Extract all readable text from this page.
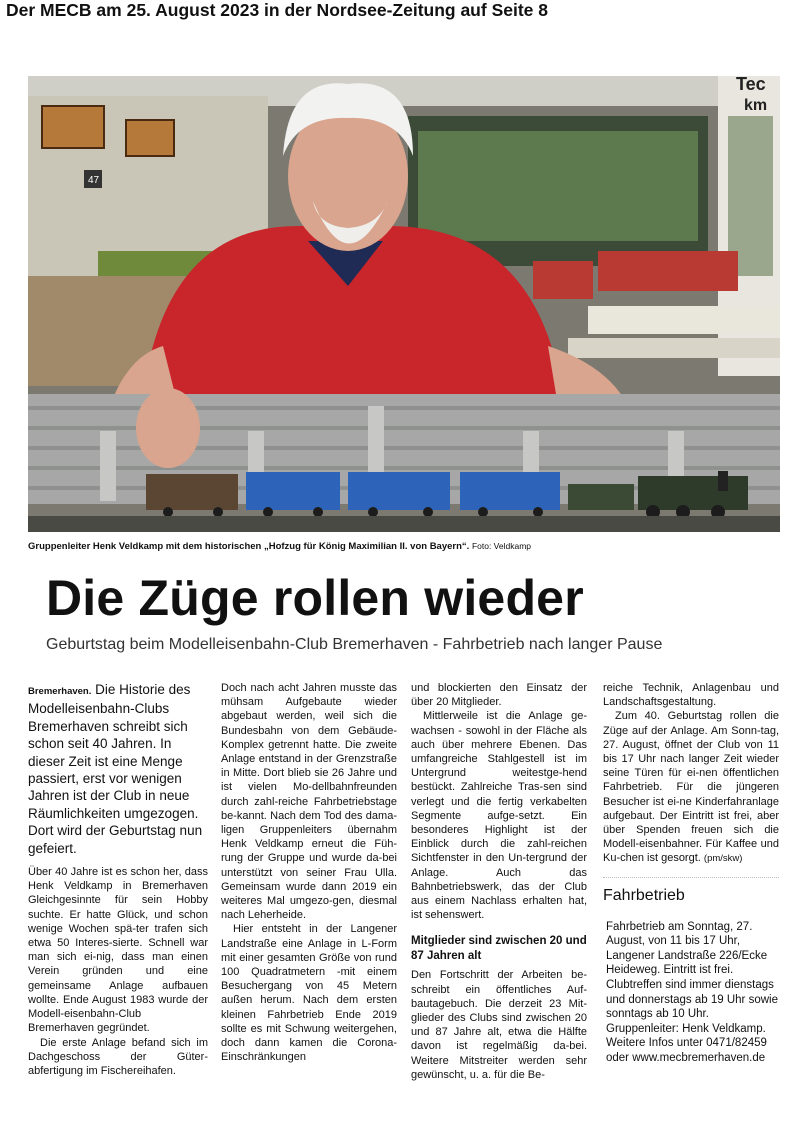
Der MECB am 25. August 2023 in der Nordsee-Zeitung auf Seite 8
47
Tec
km
Gruppenleiter Henk Veldkamp mit dem historischen „Hofzug für König Maximilian II. von Bayern“. Foto: Veldkamp
Die Züge rollen wieder
Geburtstag beim Modelleisenbahn-Club Bremerhaven - Fahrbetrieb nach langer Pause

Bremerhaven. Die Historie des Modelleisenbahn-Clubs Bremerhaven schreibt sich schon seit 40 Jahren. In dieser Zeit ist eine Menge passiert, erst vor wenigen Jahren ist der Club in neue Räumlichkeiten umgezogen. Dort wird der Geburtstag nun gefeiert.

Über 40 Jahre ist es schon her, dass Henk Veldkamp in Bremerhaven Gleichgesinnte für sein Hobby suchte. Er hatte Glück, und schon wenige Wochen spä-ter trafen sich etwa 50 Interes-sierte. Schnell war man sich ei-nig, dass man einen Verein gründen und eine gemeinsame Anlage aufbauen wollte. Ende August 1983 wurde der Modell-eisenbahn-Club Bremerhaven gegründet.

Die erste Anlage befand sich im Dachgeschoss der Güter-abfertigung im Fischereihafen.

Doch nach acht Jahren musste das mühsam Aufgebaute wieder abgebaut werden, weil sich die Bundesbahn von dem Gebäude-Komplex getrennt hatte. Die zweite Anlage entstand in der Grenzstraße in Mitte. Dort blieb sie 26 Jahre und ist vielen Mo-dellbahnfreunden durch zahl-reiche Fahrbetriebstage be-kannt. Nach dem Tod des dama-ligen Gruppenleiters übernahm Henk Veldkamp erneut die Füh-rung der Gruppe und wurde da-bei unterstützt von seiner Frau Ulla. Gemeinsam wurde dann 2019 ein weiteres Mal umgezo-gen, diesmal nach Leherheide.

Hier entsteht in der Langener Landstraße eine Anlage in L-Form mit einer gesamten Größe von rund 100 Quadratmetern -mit einem Besuchergang von 45 Metern außen herum. Nach dem ersten kleinen Fahrbetrieb Ende 2019 sollte es mit Schwung weitergehen, doch dann kamen die Corona-Einschränkungen

und blockierten den Einsatz der über 20 Mitglieder.

Mittlerweile ist die Anlage ge-wachsen - sowohl in der Fläche als auch über mehrere Ebenen. Das umfangreiche Stahlgestell ist im Untergrund weitestge-hend bestückt. Zahlreiche Tras-sen sind verlegt und die fertig verkabelten Segmente aufge-setzt. Ein besonderes Highlight ist der Einblick durch die zahl-reichen Sichtfenster in den Un-tergrund der Anlage. Auch das Bahnbetriebswerk, das der Club aus einem Nachlass erhalten hat, ist sehenswert.

Mitglieder sind zwischen 20 und 87 Jahren alt

Den Fortschritt der Arbeiten be-schreibt ein öffentliches Auf-bautagebuch. Die derzeit 23 Mit-glieder des Clubs sind zwischen 20 und 87 Jahre alt, etwa die Hälfte davon ist regelmäßig da-bei. Weitere Mitstreiter werden sehr gewünscht, u. a. für die Be-

reiche Technik, Anlagenbau und Landschaftsgestaltung.

Zum 40. Geburtstag rollen die Züge auf der Anlage. Am Sonn-tag, 27. August, öffnet der Club von 11 bis 17 Uhr nach langer Zeit wieder seine Türen für ei-nen öffentlichen Fahrbetrieb. Für die jüngeren Besucher ist ei-ne Kinderfahranlage aufgebaut. Der Eintritt ist frei, aber über Spenden freuen sich die Modell-eisenbahner. Für Kaffee und Ku-chen ist gesorgt. (pm/skw)

Fahrbetrieb
Fahrbetrieb am Sonntag, 27. August, von 11 bis 17 Uhr, Langener Landstraße 226/Ecke Heideweg. Eintritt ist frei. Clubtreffen sind immer dienstags und donnerstags ab 19 Uhr sowie sonntags ab 10 Uhr. Gruppenleiter: Henk Veldkamp. Weitere Infos unter 0471/82459 oder www.mecbremerhaven.de
